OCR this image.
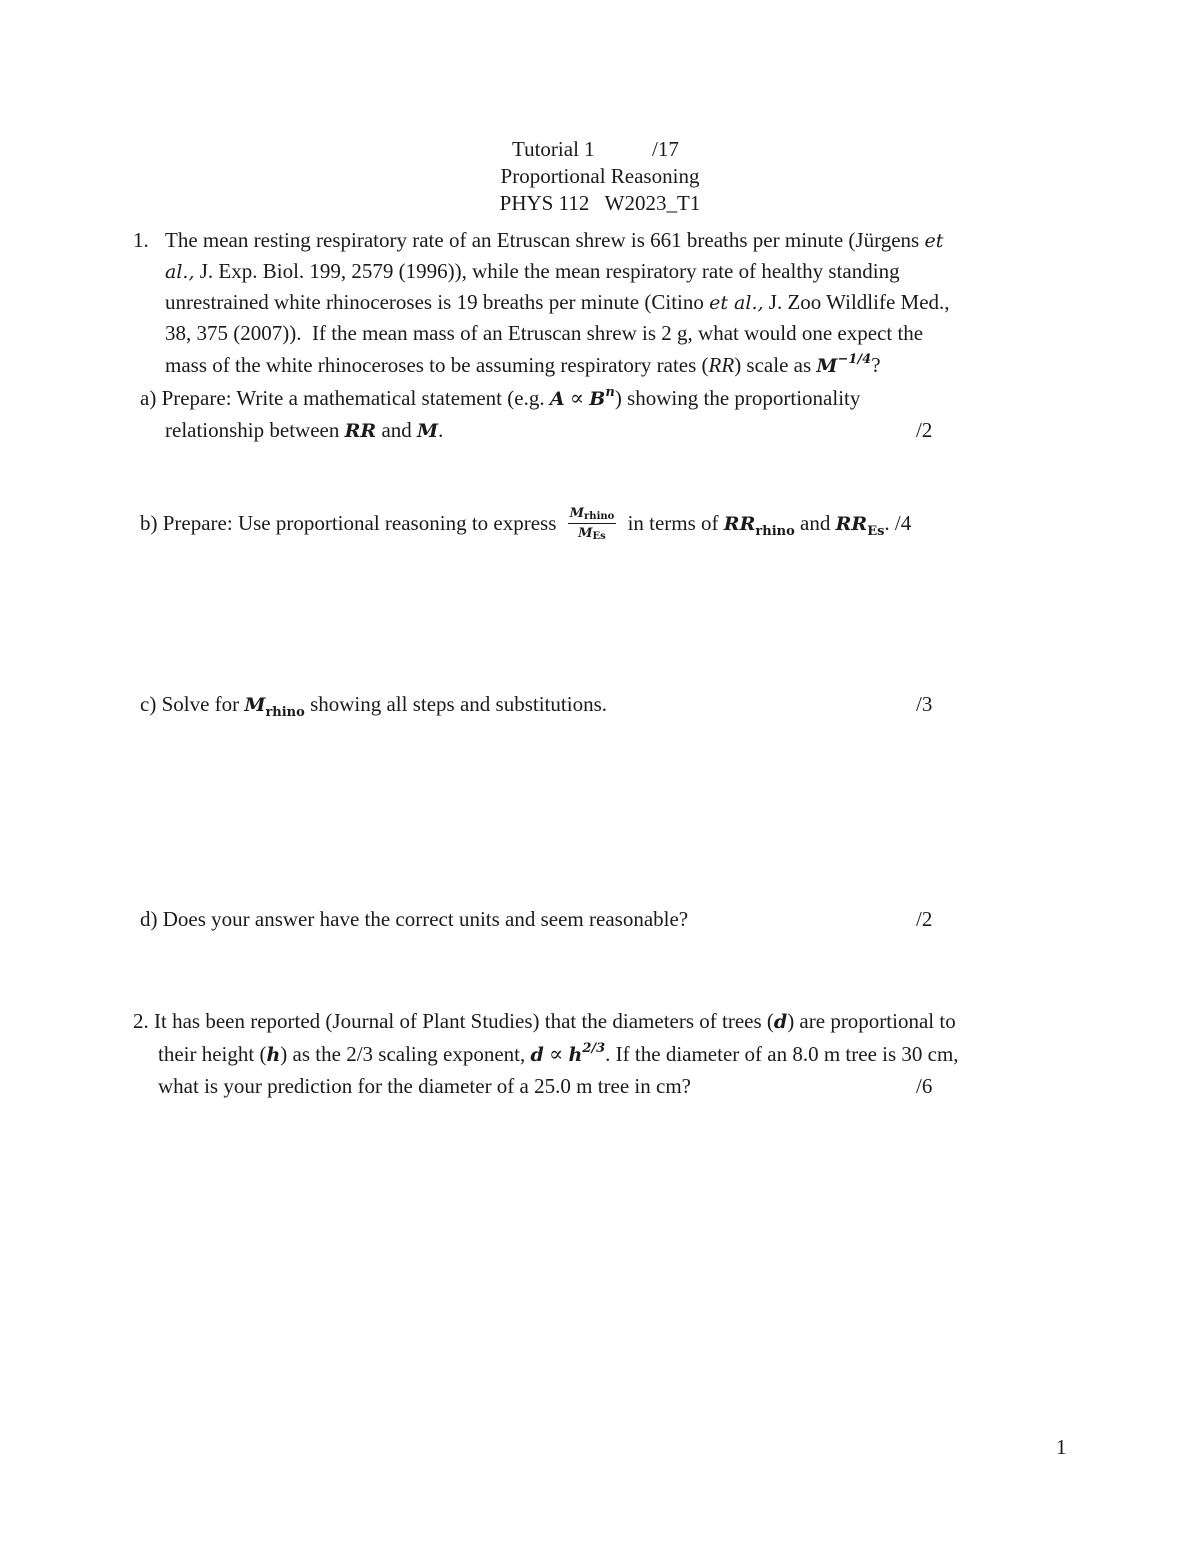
Tutorial 1	/17
Proportional Reasoning
PHYS 112   W2023_T1
1. The mean resting respiratory rate of an Etruscan shrew is 661 breaths per minute (Jürgens et
al., J. Exp. Biol. 199, 2579 (1996)), while the mean respiratory rate of healthy standing
unrestrained white rhinoceroses is 19 breaths per minute (Citino et al., J. Zoo Wildlife Med.,
38, 375 (2007)).  If the mean mass of an Etruscan shrew is 2 g, what would one expect the
mass of the white rhinoceroses to be assuming respiratory rates (RR) scale as $M^{-1/4}$?
a) Prepare: Write a mathematical statement (e.g. $A \propto B^n$) showing the proportionality
relationship between RR and M.	/2
b) Prepare: Use proportional reasoning to express $\frac{\text{Mrhino}}{\text{MEs}}$ in terms of $RR_{rhino}$ and $RR_{Es}$. /4
c) Solve for $M_{rhino}$ showing all steps and substitutions.	/3
d) Does your answer have the correct units and seem reasonable?	/2
2. It has been reported (Journal of Plant Studies) that the diameters of trees (d) are proportional to
their height (h) as the 2/3 scaling exponent, $d \propto h^{2/3}$. If the diameter of an 8.0 m tree is 30 cm,
what is your prediction for the diameter of a 25.0 m tree in cm?	/6
1
